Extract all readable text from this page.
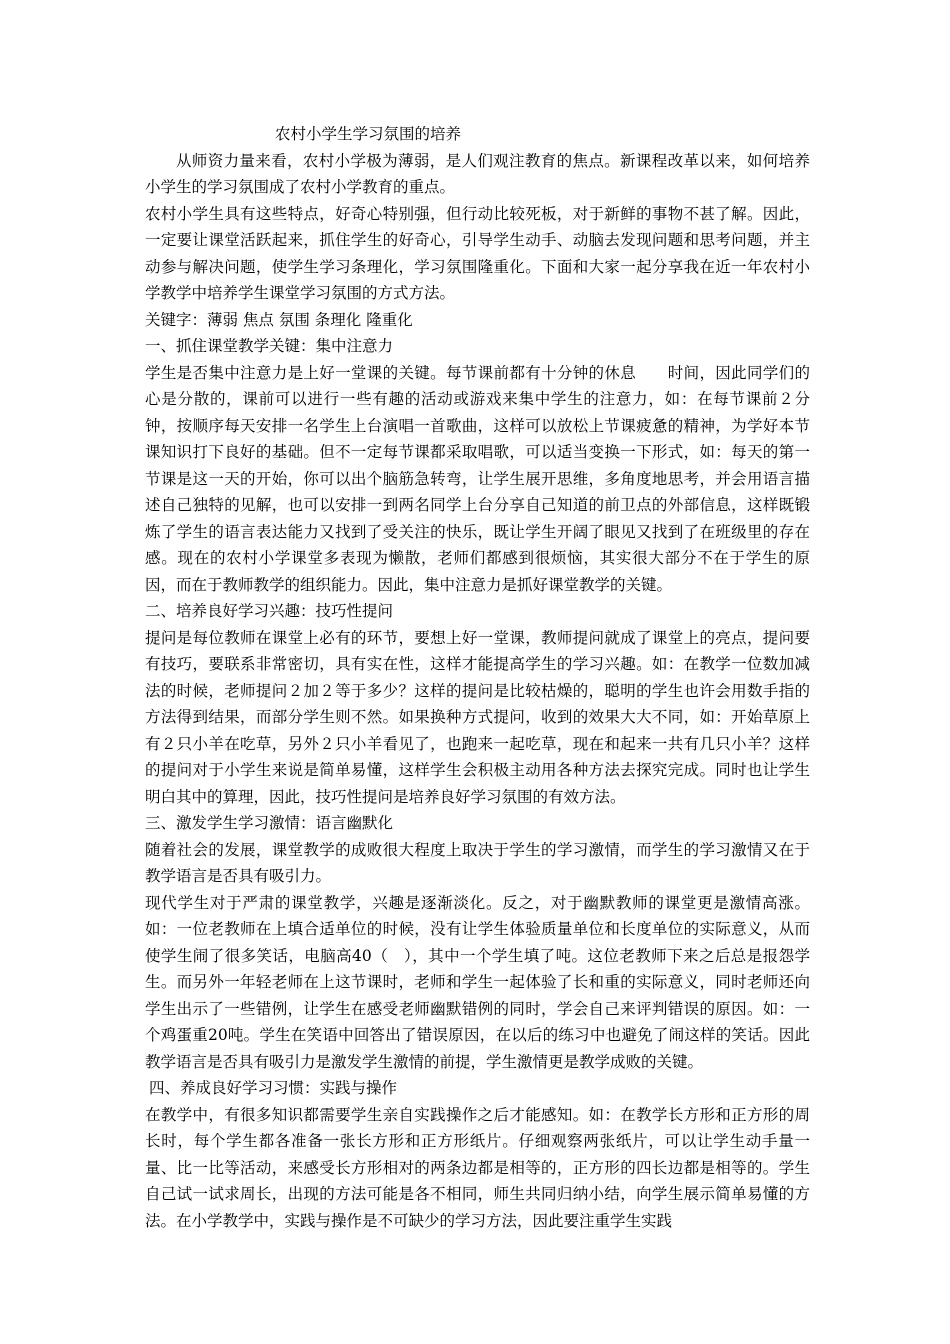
农村小学生学习氛围的培养

从师资力量来看，农村小学极为薄弱，是人们观注教育的焦点。新课程改革以来，如何培养小学生的学习氛围成了农村小学教育的重点。

农村小学生具有这些特点，好奇心特别强，但行动比较死板，对于新鲜的事物不甚了解。因此，一定要让课堂活跃起来，抓住学生的好奇心，引导学生动手、动脑去发现问题和思考问题，并主动参与解决问题，使学生学习条理化，学习氛围隆重化。下面和大家一起分享我在近一年农村小学教学中培养学生课堂学习氛围的方式方法。

关键字：薄弱 焦点 氛围 条理化 隆重化

一、抓住课堂教学关键：集中注意力

学生是否集中注意力是上好一堂课的关键。每节课前都有十分钟的休息　　时间，因此同学们的心是分散的，课前可以进行一些有趣的活动或游戏来集中学生的注意力，如：在每节课前２分钟，按顺序每天安排一名学生上台演唱一首歌曲，这样可以放松上节课疲惫的精神，为学好本节课知识打下良好的基础。但不一定每节课都采取唱歌，可以适当变换一下形式，如：每天的第一节课是这一天的开始，你可以出个脑筋急转弯，让学生展开思维，多角度地思考，并会用语言描述自己独特的见解，也可以安排一到两名同学上台分享自己知道的前卫点的外部信息，这样既锻炼了学生的语言表达能力又找到了受关注的快乐，既让学生开阔了眼见又找到了在班级里的存在感。现在的农村小学课堂多表现为懒散，老师们都感到很烦恼，其实很大部分不在于学生的原因，而在于教师教学的组织能力。因此，集中注意力是抓好课堂教学的关键。

二、培养良好学习兴趣：技巧性提问

提问是每位教师在课堂上必有的环节，要想上好一堂课，教师提问就成了课堂上的亮点，提问要有技巧，要联系非常密切，具有实在性，这样才能提高学生的学习兴趣。如：在教学一位数加减法的时候，老师提问２加２等于多少？这样的提问是比较枯燥的，聪明的学生也许会用数手指的方法得到结果，而部分学生则不然。如果换种方式提问，收到的效果大大不同，如：开始草原上有２只小羊在吃草，另外２只小羊看见了，也跑来一起吃草，现在和起来一共有几只小羊？这样的提问对于小学生来说是简单易懂，这样学生会积极主动用各种方法去探究完成。同时也让学生明白其中的算理，因此，技巧性提问是培养良好学习氛围的有效方法。

三、激发学生学习激情：语言幽默化

随着社会的发展，课堂教学的成败很大程度上取决于学生的学习激情，而学生的学习激情又在于教学语言是否具有吸引力。

现代学生对于严肃的课堂教学，兴趣是逐渐淡化。反之，对于幽默教师的课堂更是激情高涨。如：一位老教师在上填合适单位的时候，没有让学生体验质量单位和长度单位的实际意义，从而使学生闹了很多笑话，电脑高40（　），其中一个学生填了吨。这位老教师下来之后总是报怨学生。而另外一年轻老师在上这节课时，老师和学生一起体验了长和重的实际意义，同时老师还向学生出示了一些错例，让学生在感受老师幽默错例的同时，学会自己来评判错误的原因。如：一个鸡蛋重20吨。学生在笑语中回答出了错误原因，在以后的练习中也避免了闹这样的笑话。因此教学语言是否具有吸引力是激发学生激情的前提，学生激情更是教学成败的关键。

四、养成良好学习习惯：实践与操作

在教学中，有很多知识都需要学生亲自实践操作之后才能感知。如：在教学长方形和正方形的周长时，每个学生都各准备一张长方形和正方形纸片。仔细观察两张纸片，可以让学生动手量一量、比一比等活动，来感受长方形相对的两条边都是相等的，正方形的四长边都是相等的。学生自己试一试求周长，出现的方法可能是各不相同，师生共同归纳小结，向学生展示简单易懂的方法。在小学教学中，实践与操作是不可缺少的学习方法，因此要注重学生实践
